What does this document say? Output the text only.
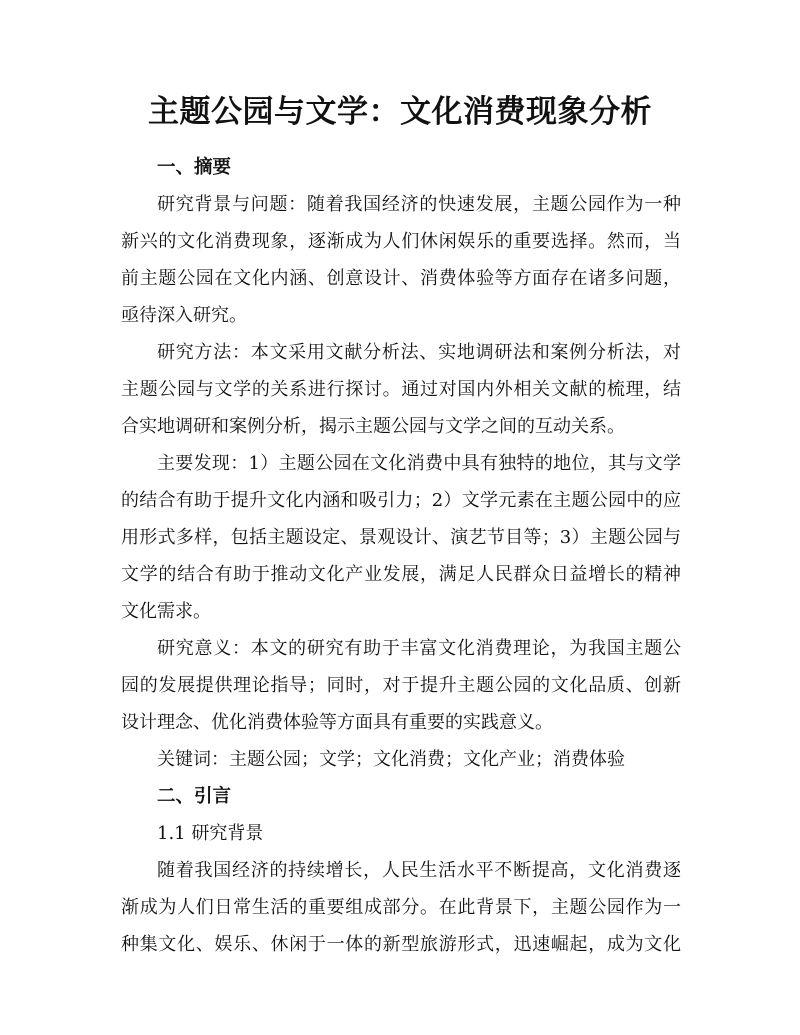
主题公园与文学：文化消费现象分析
一、摘要
研究背景与问题：随着我国经济的快速发展，主题公园作为一种
新兴的文化消费现象，逐渐成为人们休闲娱乐的重要选择。然而，当
前主题公园在文化内涵、创意设计、消费体验等方面存在诸多问题，
亟待深入研究。
研究方法：本文采用文献分析法、实地调研法和案例分析法，对
主题公园与文学的关系进行探讨。通过对国内外相关文献的梳理，结
合实地调研和案例分析，揭示主题公园与文学之间的互动关系。
主要发现：1）主题公园在文化消费中具有独特的地位，其与文学
的结合有助于提升文化内涵和吸引力；2）文学元素在主题公园中的应
用形式多样，包括主题设定、景观设计、演艺节目等；3）主题公园与
文学的结合有助于推动文化产业发展，满足人民群众日益增长的精神
文化需求。
研究意义：本文的研究有助于丰富文化消费理论，为我国主题公
园的发展提供理论指导；同时，对于提升主题公园的文化品质、创新
设计理念、优化消费体验等方面具有重要的实践意义。
关键词：主题公园；文学；文化消费；文化产业；消费体验
二、引言
1.1 研究背景
随着我国经济的持续增长，人民生活水平不断提高，文化消费逐
渐成为人们日常生活的重要组成部分。在此背景下，主题公园作为一
种集文化、娱乐、休闲于一体的新型旅游形式，迅速崛起，成为文化
